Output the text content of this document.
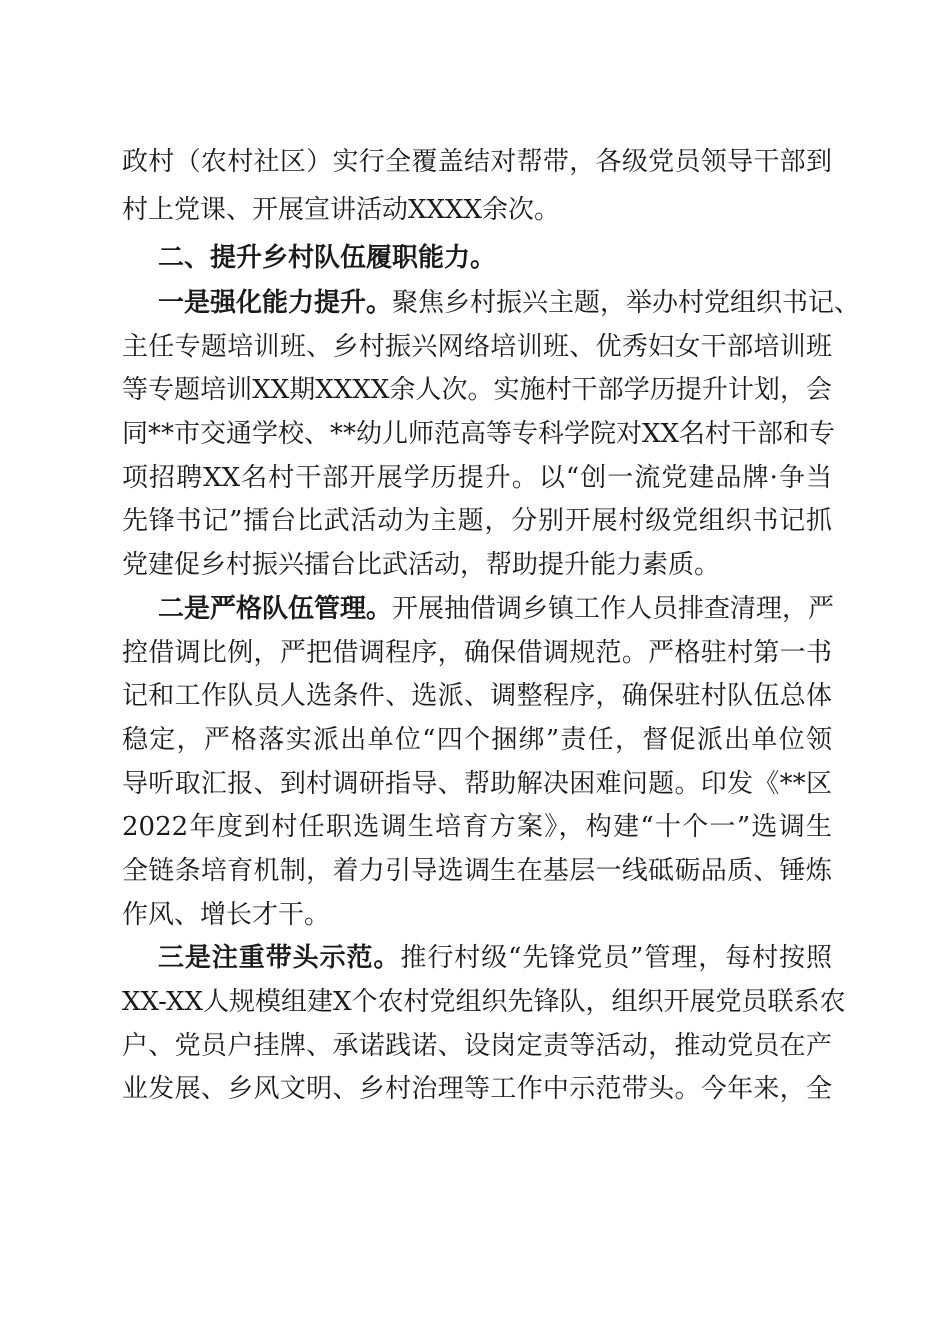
政村（农村社区）实行全覆盖结对帮带，各级党员领导干部到
村上党课、开展宣讲活动XXXX余次。
二、提升乡村队伍履职能力。
一是强化能力提升。聚焦乡村振兴主题，举办村党组织书记、
主任专题培训班、乡村振兴网络培训班、优秀妇女干部培训班
等专题培训XX期XXXX余人次。实施村干部学历提升计划，会
同**市交通学校、**幼儿师范高等专科学院对XX名村干部和专
项招聘XX名村干部开展学历提升。以“创一流党建品牌·争当
先锋书记”擂台比武活动为主题，分别开展村级党组织书记抓
党建促乡村振兴擂台比武活动，帮助提升能力素质。
二是严格队伍管理。开展抽借调乡镇工作人员排查清理，严
控借调比例，严把借调程序，确保借调规范。严格驻村第一书
记和工作队员人选条件、选派、调整程序，确保驻村队伍总体
稳定，严格落实派出单位“四个捆绑”责任，督促派出单位领
导听取汇报、到村调研指导、帮助解决困难问题。印发《**区
2022年度到村任职选调生培育方案》，构建“十个一”选调生
全链条培育机制，着力引导选调生在基层一线砥砺品质、锤炼
作风、增长才干。
三是注重带头示范。推行村级“先锋党员”管理，每村按照
XX-XX人规模组建X个农村党组织先锋队，组织开展党员联系农
户、党员户挂牌、承诺践诺、设岗定责等活动，推动党员在产
业发展、乡风文明、乡村治理等工作中示范带头。今年来，全
